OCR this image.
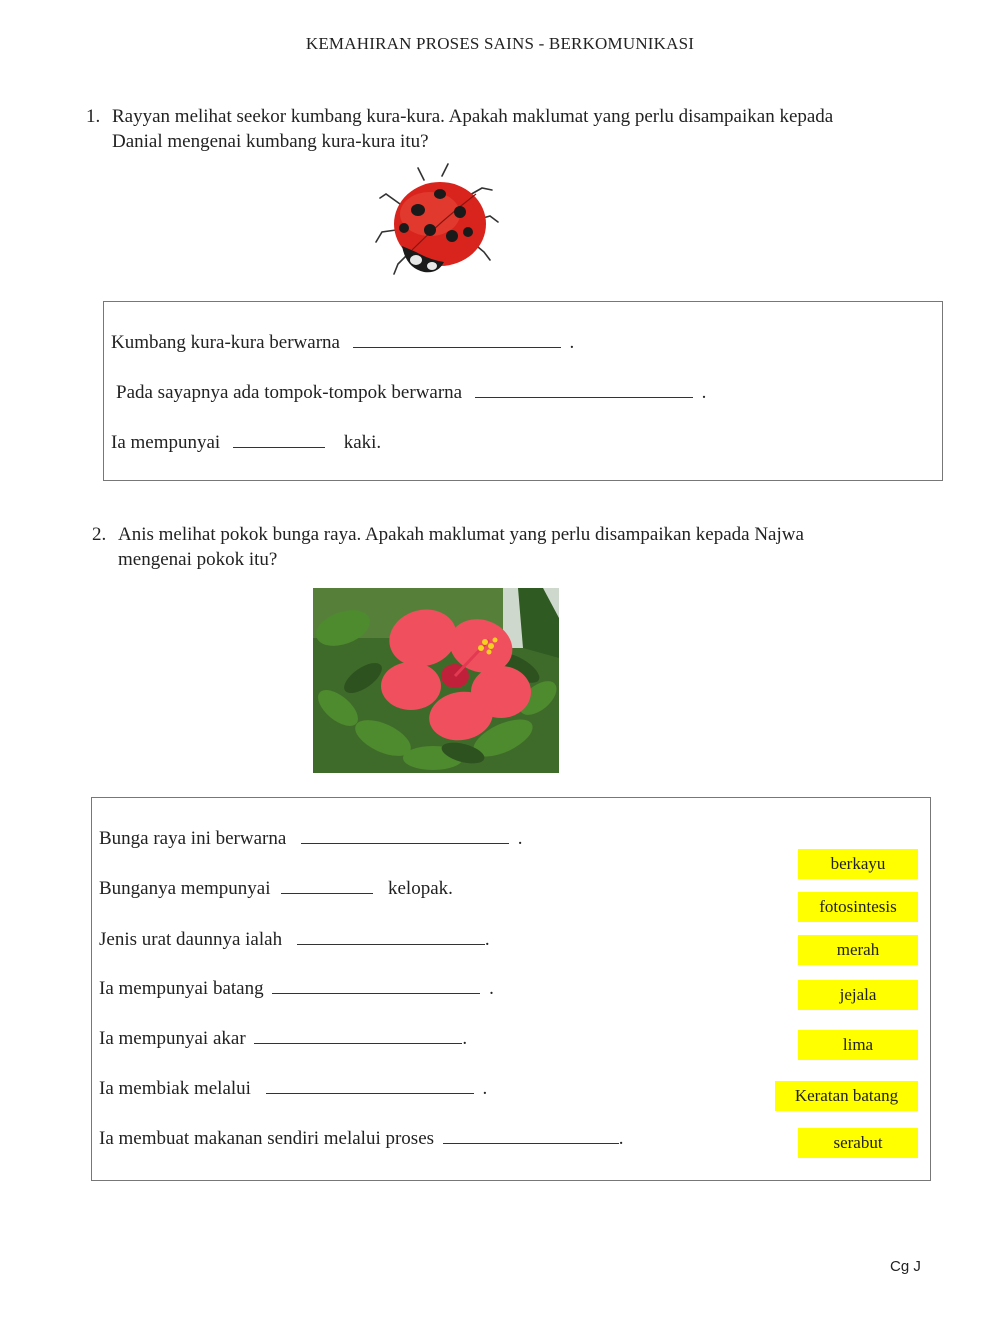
KEMAHIRAN PROSES SAINS - BERKOMUNIKASI
1. Rayyan melihat seekor kumbang kura-kura. Apakah maklumat yang perlu disampaikan kepada
Danial mengenai kumbang kura-kura itu?
Kumbang kura-kura berwarna	.
Pada sayapnya ada tompok-tompok berwarna	.
Ia mempunyai	kaki.
2. Anis melihat pokok bunga raya. Apakah maklumat yang perlu disampaikan kepada Najwa
mengenai pokok itu?
Bunga raya ini berwarna	.
Bunganya mempunyai	kelopak.
Jenis urat daunnya ialah	.
Ia mempunyai batang	.
Ia mempunyai akar	.
Ia membiak melalui	.
Ia membuat makanan sendiri melalui proses	.
berkayu
fotosintesis
merah
jejala
lima
Keratan batang
serabut
Cg J
